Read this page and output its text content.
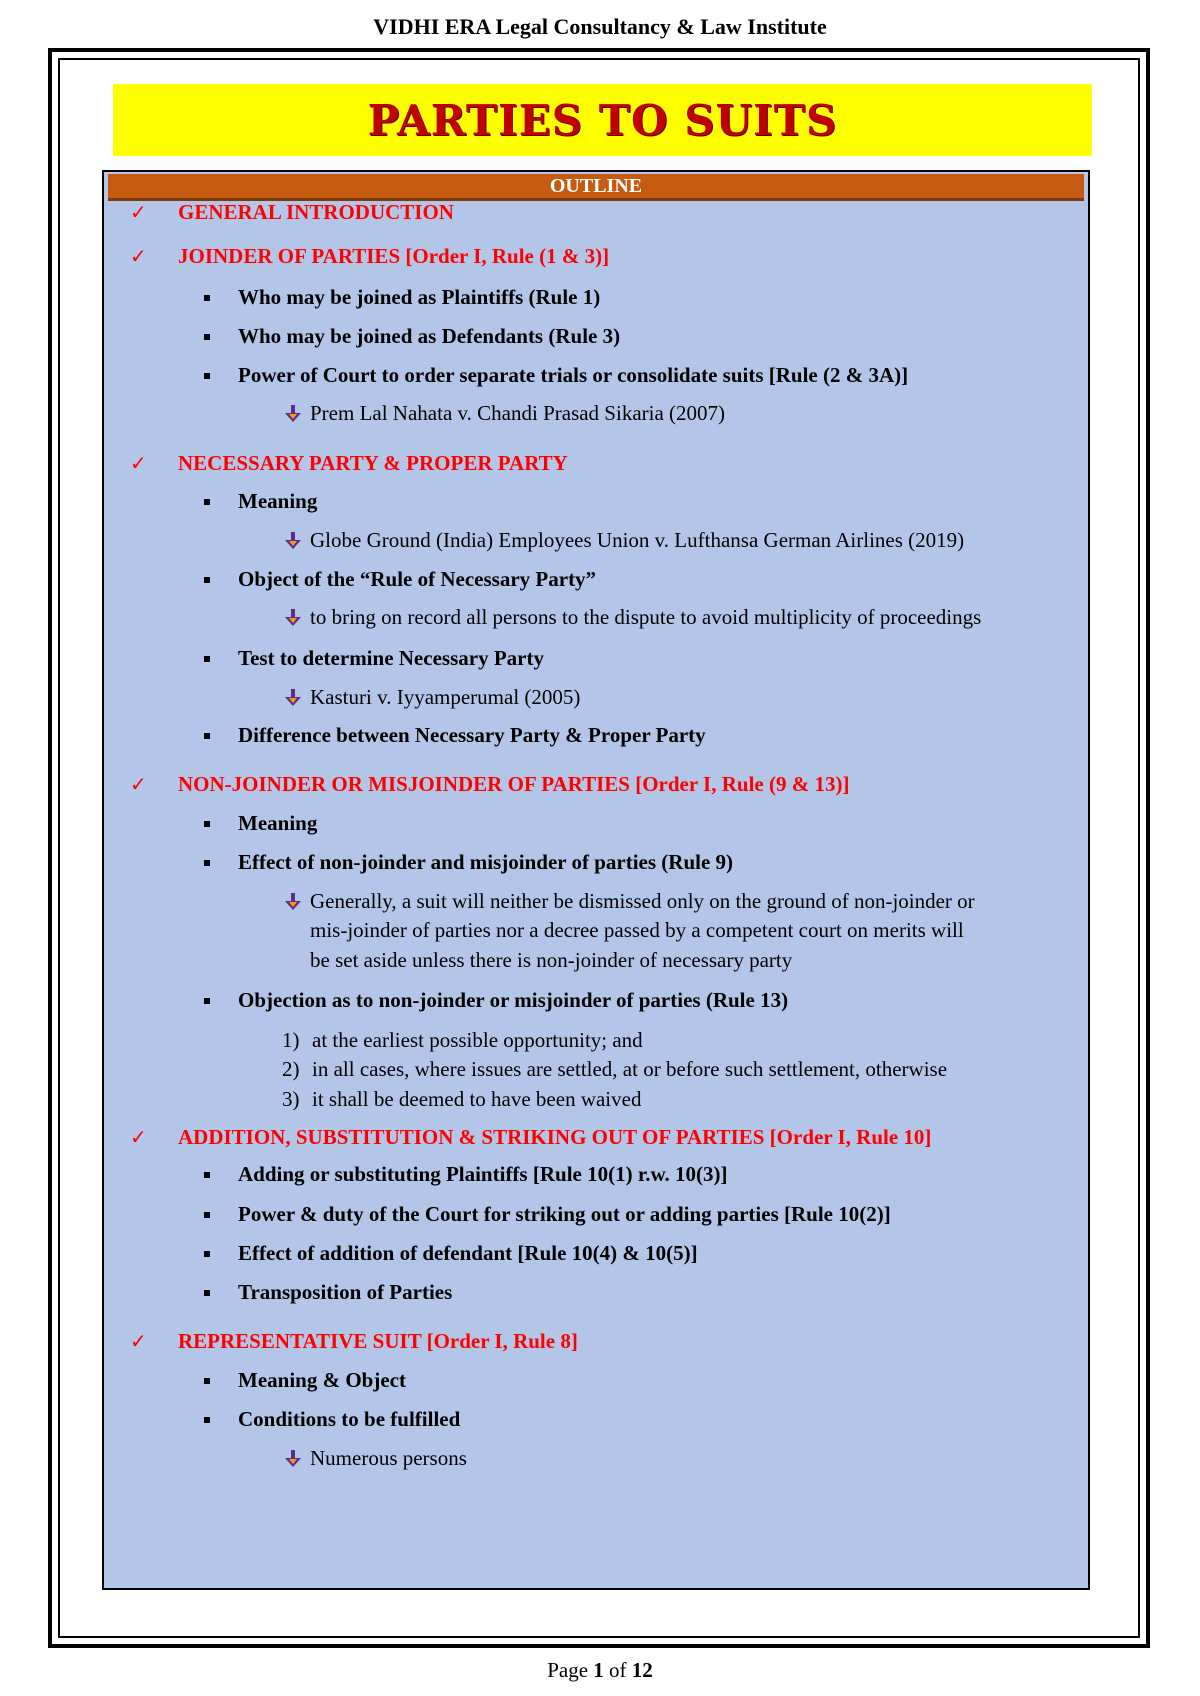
VIDHI ERA Legal Consultancy & Law Institute
PARTIES TO SUITS
OUTLINE
✓ GENERAL INTRODUCTION
✓ JOINDER OF PARTIES [Order I, Rule (1 & 3)]
Who may be joined as Plaintiffs (Rule 1)
Who may be joined as Defendants (Rule 3)
Power of Court to order separate trials or consolidate suits [Rule (2 & 3A)]
Prem Lal Nahata v. Chandi Prasad Sikaria (2007)
✓ NECESSARY PARTY & PROPER PARTY
Meaning
Globe Ground (India) Employees Union v. Lufthansa German Airlines (2019)
Object of the “Rule of Necessary Party”
to bring on record all persons to the dispute to avoid multiplicity of proceedings
Test to determine Necessary Party
Kasturi v. Iyyamperumal (2005)
Difference between Necessary Party & Proper Party
✓ NON-JOINDER OR MISJOINDER OF PARTIES [Order I, Rule (9 & 13)]
Meaning
Effect of non-joinder and misjoinder of parties (Rule 9)
Generally, a suit will neither be dismissed only on the ground of non-joinder or
mis-joinder of parties nor a decree passed by a competent court on merits will
be set aside unless there is non-joinder of necessary party
Objection as to non-joinder or misjoinder of parties (Rule 13)
1) at the earliest possible opportunity; and
2) in all cases, where issues are settled, at or before such settlement, otherwise
3) it shall be deemed to have been waived
✓ ADDITION, SUBSTITUTION & STRIKING OUT OF PARTIES [Order I, Rule 10]
Adding or substituting Plaintiffs [Rule 10(1) r.w. 10(3)]
Power & duty of the Court for striking out or adding parties [Rule 10(2)]
Effect of addition of defendant [Rule 10(4) & 10(5)]
Transposition of Parties
✓ REPRESENTATIVE SUIT [Order I, Rule 8]
Meaning & Object
Conditions to be fulfilled
Numerous persons
Page 1 of 12
